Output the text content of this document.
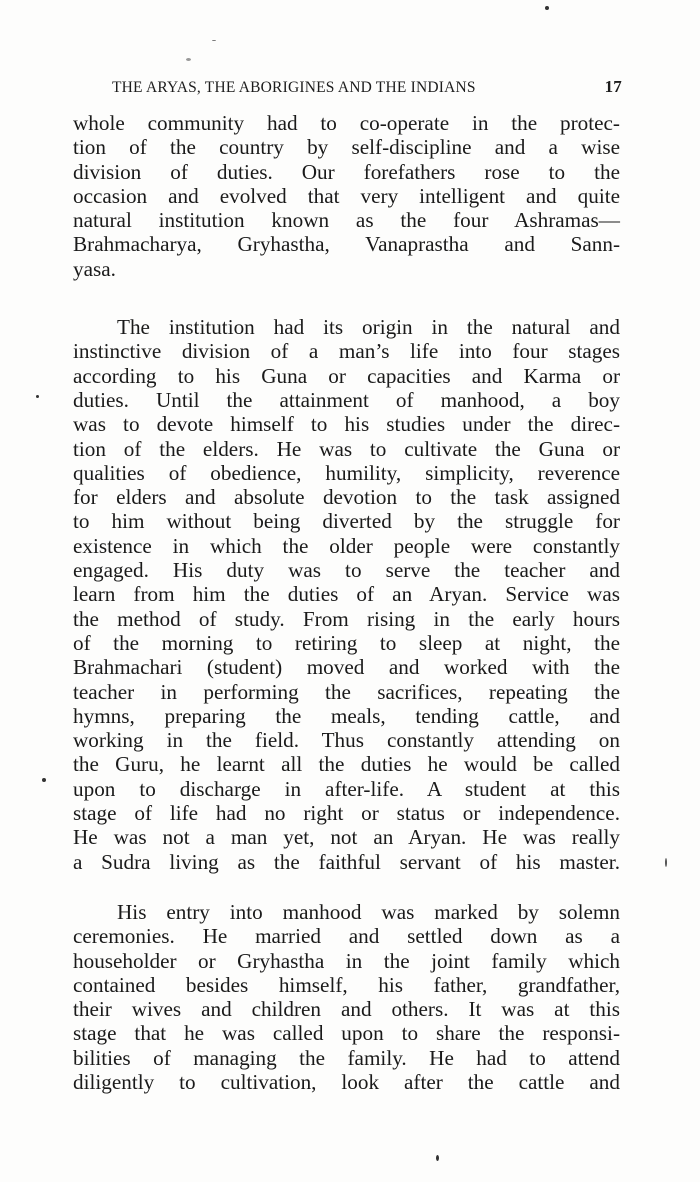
THE ARYAS, THE ABORIGINES AND THE INDIANS	17
whole community had to co-operate in the protec-
tion of the country by self-discipline and a wise
division of duties. Our forefathers rose to the
occasion and evolved that very intelligent and quite
natural institution known as the four Ashramas—
Brahmacharya, Gryhastha, Vanaprastha and Sann-
yasa.
The institution had its origin in the natural and
instinctive division of a man’s life into four stages
according to his Guna or capacities and Karma or
duties. Until the attainment of manhood, a boy
was to devote himself to his studies under the direc-
tion of the elders. He was to cultivate the Guna or
qualities of obedience, humility, simplicity, reverence
for elders and absolute devotion to the task assigned
to him without being diverted by the struggle for
existence in which the older people were constantly
engaged. His duty was to serve the teacher and
learn from him the duties of an Aryan. Service was
the method of study. From rising in the early hours
of the morning to retiring to sleep at night, the
Brahmachari (student) moved and worked with the
teacher in performing the sacrifices, repeating the
hymns, preparing the meals, tending cattle, and
working in the field. Thus constantly attending on
the Guru, he learnt all the duties he would be called
upon to discharge in after-life. A student at this
stage of life had no right or status or independence.
He was not a man yet, not an Aryan. He was really
a Sudra living as the faithful servant of his master.
His entry into manhood was marked by solemn
ceremonies. He married and settled down as a
householder or Gryhastha in the joint family which
contained besides himself, his father, grandfather,
their wives and children and others. It was at this
stage that he was called upon to share the responsi-
bilities of managing the family. He had to attend
diligently to cultivation, look after the cattle and
